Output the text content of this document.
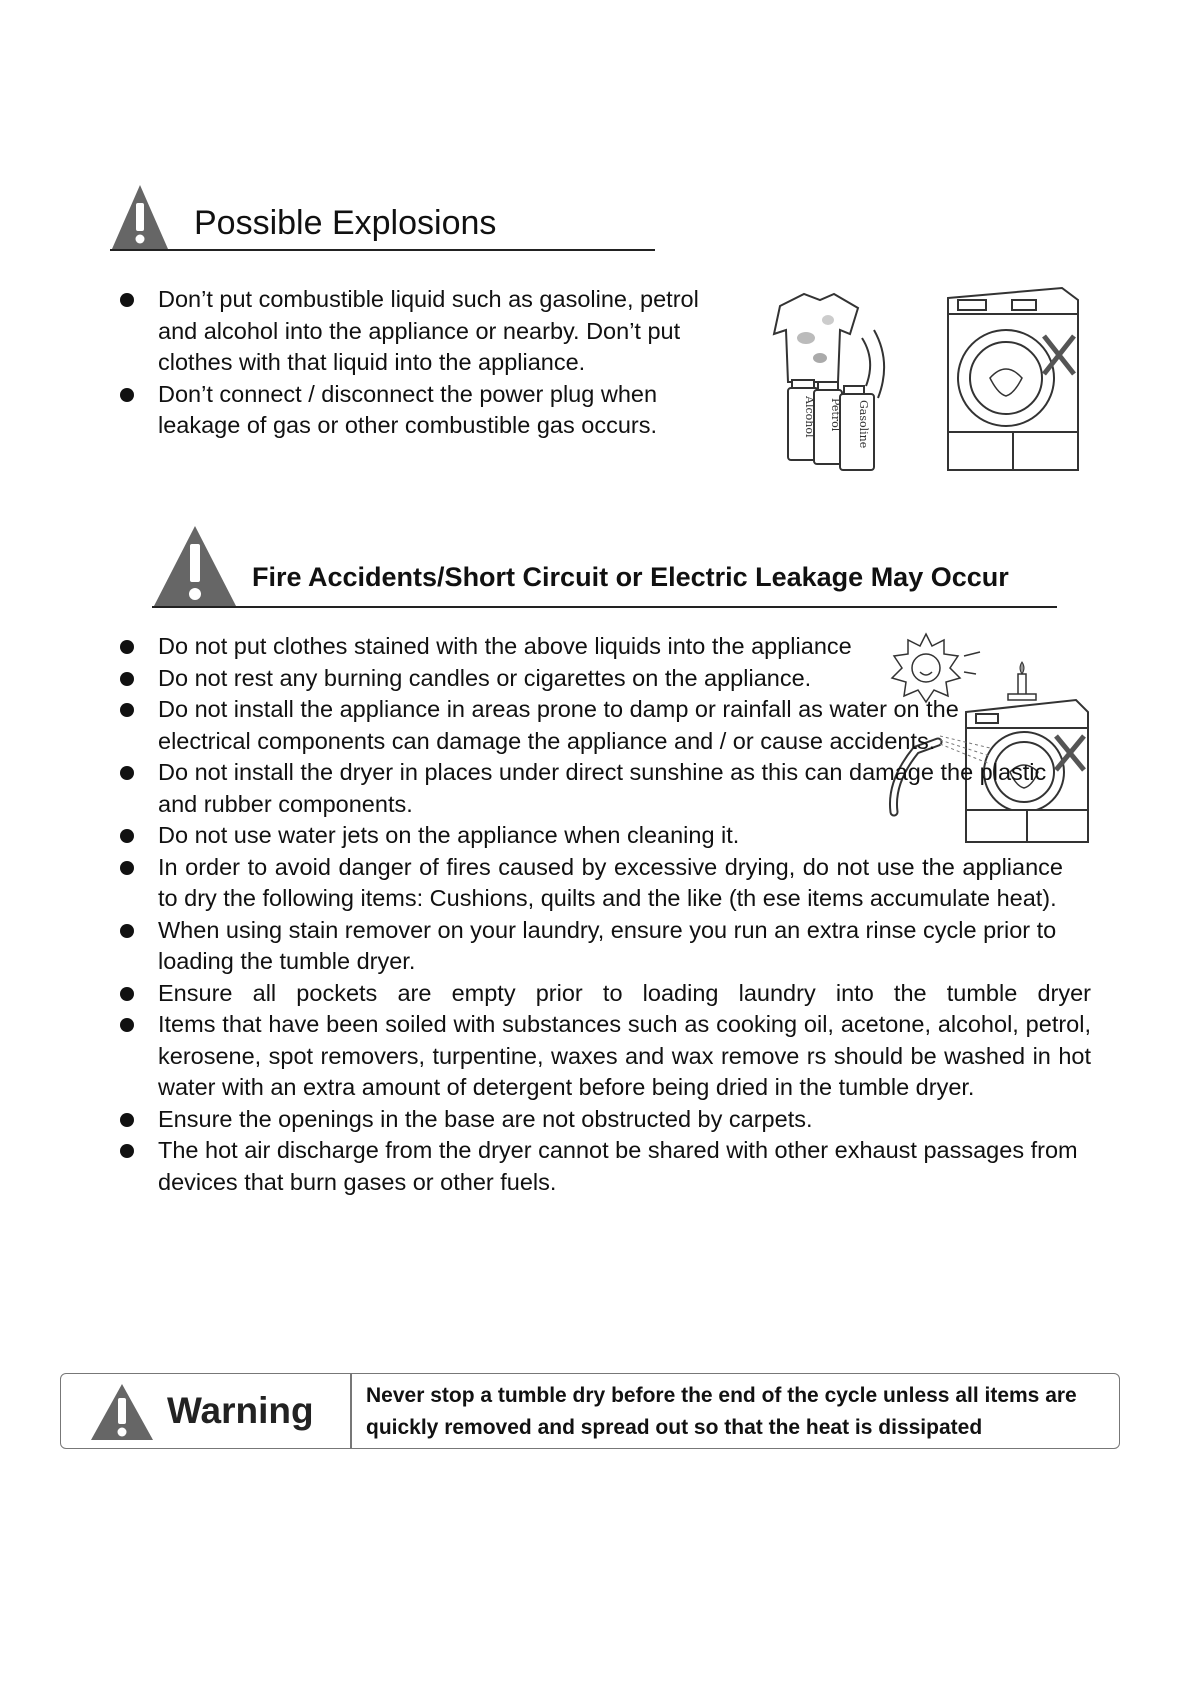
Possible Explosions
Don’t put combustible liquid such as gasoline, petrol and alcohol into the appliance or nearby. Don’t put clothes with that liquid into the appliance.
Don’t connect / disconnect the power plug when leakage of gas or other combustible gas occurs.	Alcohol Petrol Gasoline
Fire Accidents/Short Circuit or Electric Leakage May Occur
Do not put clothes stained with the above liquids into the appliance
Do not rest any burning candles or cigarettes on the appliance.
Do not install the appliance in areas prone to damp or rainfall as water on the electrical components can damage the appliance and / or cause accidents.
Do not install the dryer in places under direct sunshine as this can damage the plastic and rubber components.
Do not use water jets on the appliance when cleaning it.
In order to avoid danger of fires caused by excessive drying, do not use the appliance to dry the following items: Cushions, quilts and the like (th ese items accumulate heat).
When using stain remover on your laundry, ensure you run an extra rinse cycle prior to loading the tumble dryer.
Ensure all pockets are empty prior to loading laundry into the tumble dryer
Items that have been soiled with substances such as cooking oil, acetone, alcohol, petrol, kerosene, spot removers, turpentine, waxes and wax remove rs should be washed in hot water with an extra amount of detergent before being dried in the tumble dryer.
Ensure the openings in the base are not obstructed by carpets.
The hot air discharge from the dryer cannot be shared with other exhaust passages from devices that burn gases or other fuels.
Warning Never stop a tumble dry before the end of the cycle unless all items are quickly removed and spread out so that the heat is dissipated
